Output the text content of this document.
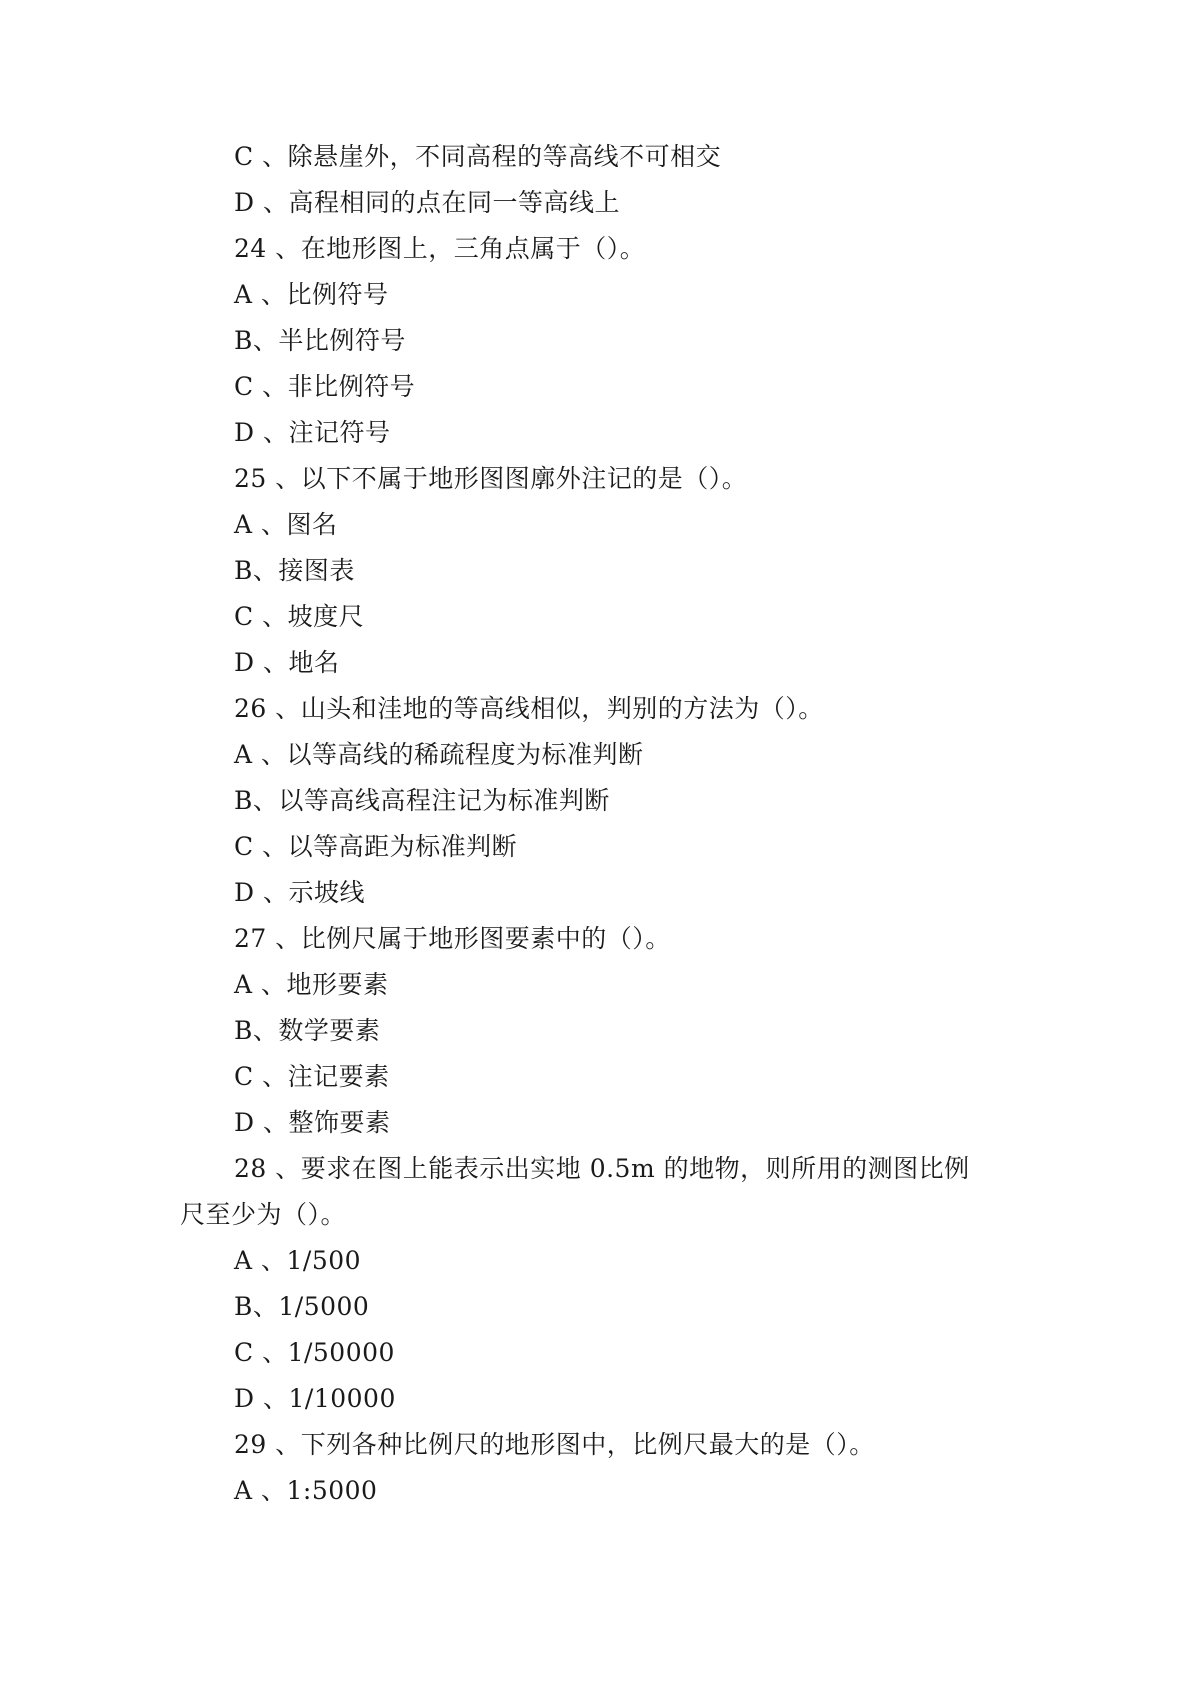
C 、除悬崖外，不同高程的等高线不可相交
D 、高程相同的点在同一等高线上
24 、在地形图上，三角点属于（）。
A 、比例符号
B、半比例符号
C 、非比例符号
D 、注记符号
25 、以下不属于地形图图廓外注记的是（）。
A 、图名
B、接图表
C 、坡度尺
D 、地名
26 、山头和洼地的等高线相似，判别的方法为（）。
A 、以等高线的稀疏程度为标准判断
B、以等高线高程注记为标准判断
C 、以等高距为标准判断
D 、示坡线
27 、比例尺属于地形图要素中的（）。
A 、地形要素
B、数学要素
C 、注记要素
D 、整饰要素
28 、要求在图上能表示出实地 0.5m 的地物，则所用的测图比例
尺至少为（）。
A 、1/500
B、1/5000
C 、1/50000
D 、1/10000
29 、下列各种比例尺的地形图中，比例尺最大的是（）。
A 、1:5000
